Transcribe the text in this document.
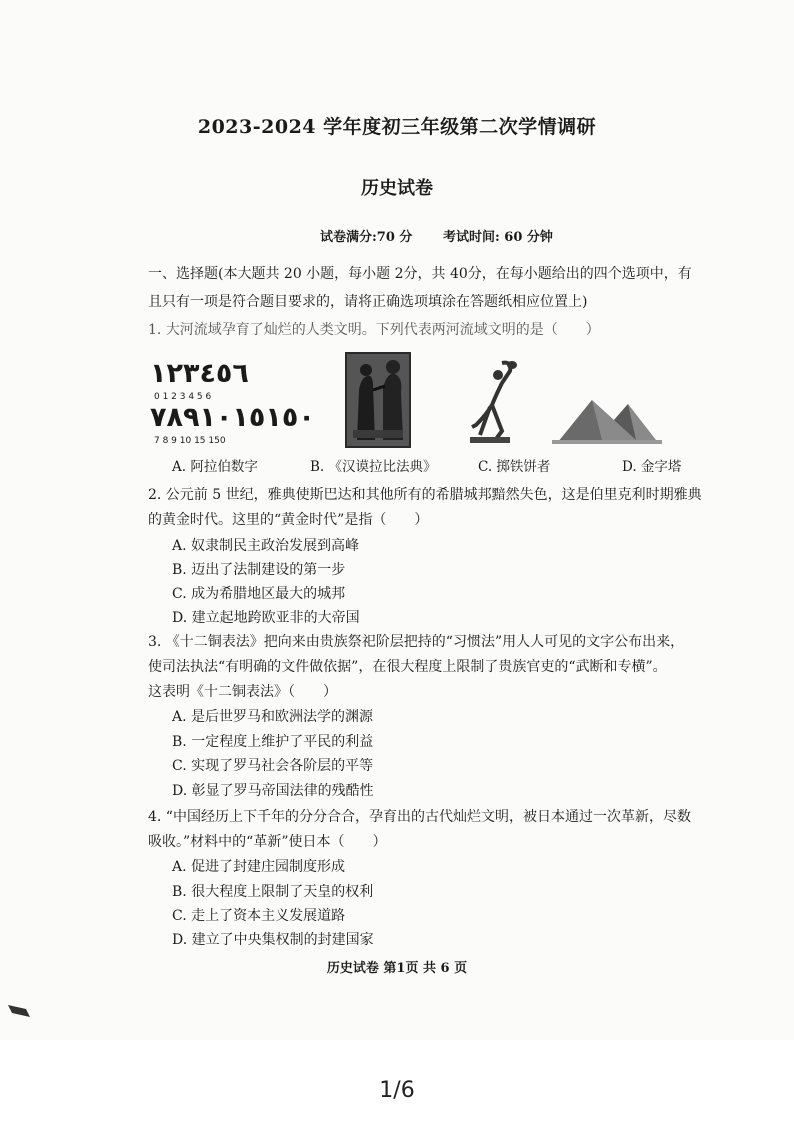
2023-2024 学年度初三年级第二次学情调研
历史试卷
试卷满分:70 分 考试时间: 60 分钟
一、选择题(本大题共 20 小题，每小题 2分，共 40分，在每小题给出的四个选项中，有
且只有一项是符合题目要求的，请将正确选项填涂在答题纸相应位置上)
1. 大河流域孕育了灿烂的人类文明。下列代表两河流域文明的是（　　）
١٢٣٤٥٦
0 1 2 3 4 5 6
٧٨٩١٠١٥١٥٠
7 8 9 10 15 150
A. 阿拉伯数字	B. 《汉谟拉比法典》	C. 掷铁饼者	D. 金字塔
2. 公元前 5 世纪，雅典使斯巴达和其他所有的希腊城邦黯然失色，这是伯里克利时期雅典
的黄金时代。这里的“黄金时代”是指（　　）
A. 奴隶制民主政治发展到高峰
B. 迈出了法制建设的第一步
C. 成为希腊地区最大的城邦
D. 建立起地跨欧亚非的大帝国
3. 《十二铜表法》把向来由贵族祭祀阶层把持的“习惯法”用人人可见的文字公布出来，
使司法执法“有明确的文件做依据”，在很大程度上限制了贵族官吏的“武断和专横”。
这表明《十二铜表法》（　　）
A. 是后世罗马和欧洲法学的渊源
B. 一定程度上维护了平民的利益
C. 实现了罗马社会各阶层的平等
D. 彰显了罗马帝国法律的残酷性
4. “中国经历上下千年的分分合合，孕育出的古代灿烂文明，被日本通过一次革新，尽数
吸收。”材料中的“革新”使日本（　　）
A. 促进了封建庄园制度形成
B. 很大程度上限制了天皇的权利
C. 走上了资本主义发展道路
D. 建立了中央集权制的封建国家
历史试卷 第1页 共 6 页
1/6
